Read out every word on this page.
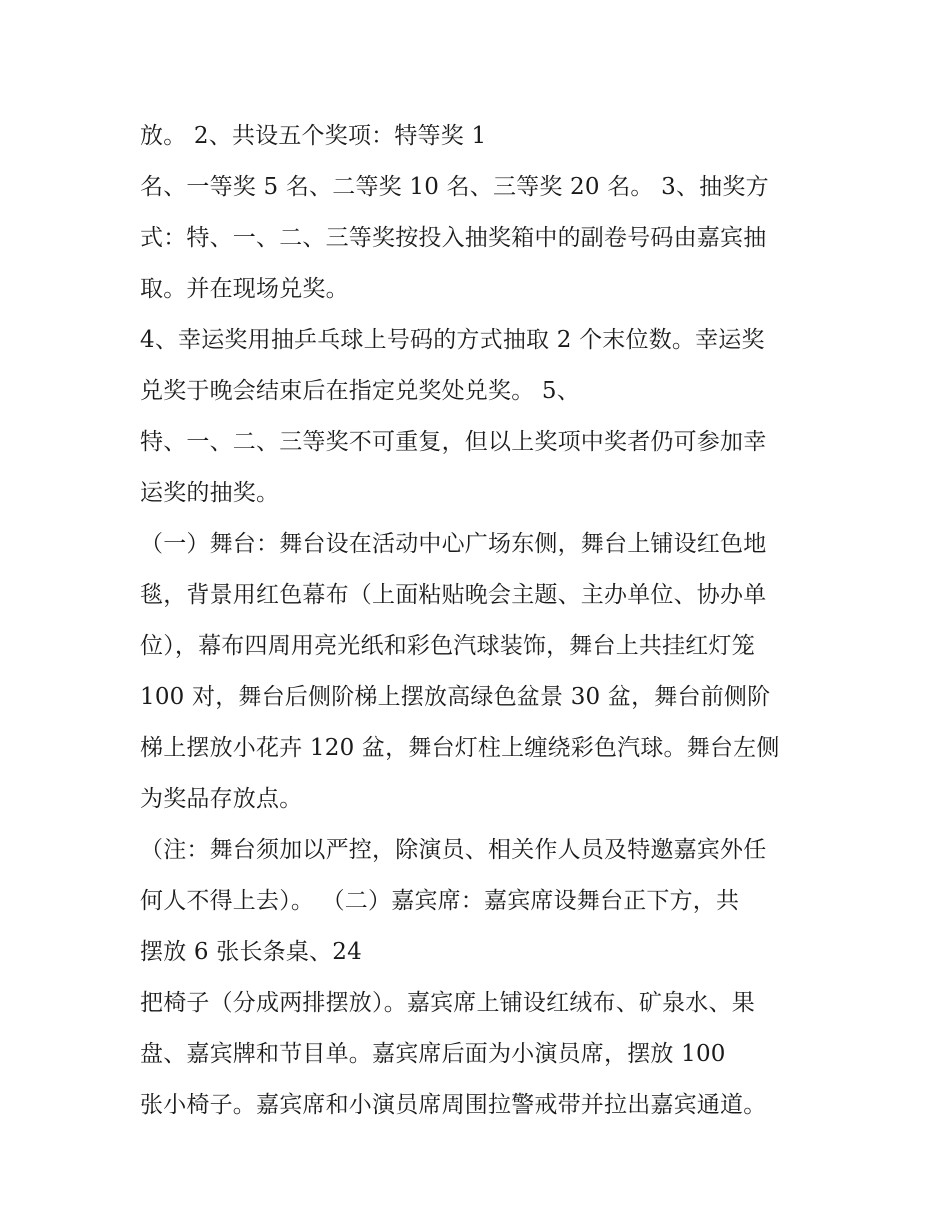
放。 2、共设五个奖项：特等奖 1
名、一等奖 5 名、二等奖 10 名、三等奖 20 名。 3、抽奖方
式：特、一、二、三等奖按投入抽奖箱中的副卷号码由嘉宾抽
取。并在现场兑奖。
4、幸运奖用抽乒乓球上号码的方式抽取 2 个末位数。幸运奖
兑奖于晚会结束后在指定兑奖处兑奖。 5、
特、一、二、三等奖不可重复，但以上奖项中奖者仍可参加幸
运奖的抽奖。
（一）舞台：舞台设在活动中心广场东侧，舞台上铺设红色地
毯，背景用红色幕布（上面粘贴晚会主题、主办单位、协办单
位），幕布四周用亮光纸和彩色汽球装饰，舞台上共挂红灯笼
100 对，舞台后侧阶梯上摆放高绿色盆景 30 盆，舞台前侧阶
梯上摆放小花卉 120 盆，舞台灯柱上缠绕彩色汽球。舞台左侧
为奖品存放点。
（注：舞台须加以严控，除演员、相关作人员及特邀嘉宾外任
何人不得上去）。 （二）嘉宾席：嘉宾席设舞台正下方，共
摆放 6 张长条桌、24
把椅子（分成两排摆放）。嘉宾席上铺设红绒布、矿泉水、果
盘、嘉宾牌和节目单。嘉宾席后面为小演员席，摆放 100
张小椅子。嘉宾席和小演员席周围拉警戒带并拉出嘉宾通道。
